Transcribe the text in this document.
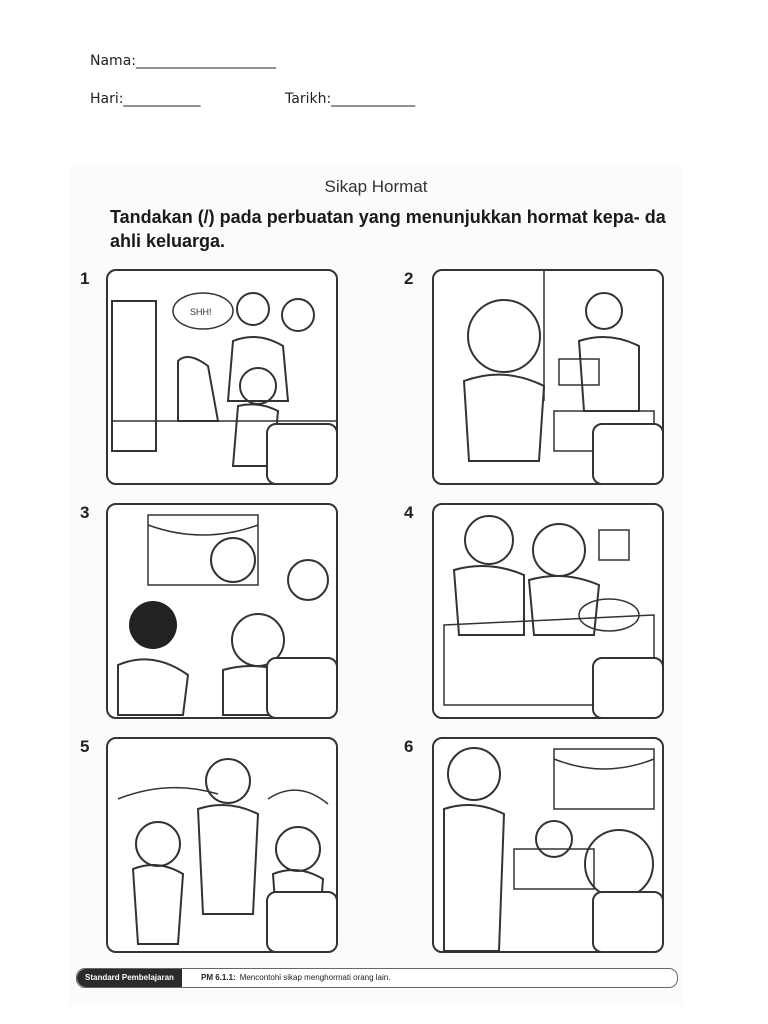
Nama:____________________
Hari:___________	Tarikh:____________
Sikap Hormat
Tandakan (/) pada perbuatan yang menunjukkan hormat kepa- da ahli keluarga.
1
SHH!
2
3	4
5	6
Standard Pembelajaran	PM 6.1.1: Mencontohi sikap menghormati orang lain.
